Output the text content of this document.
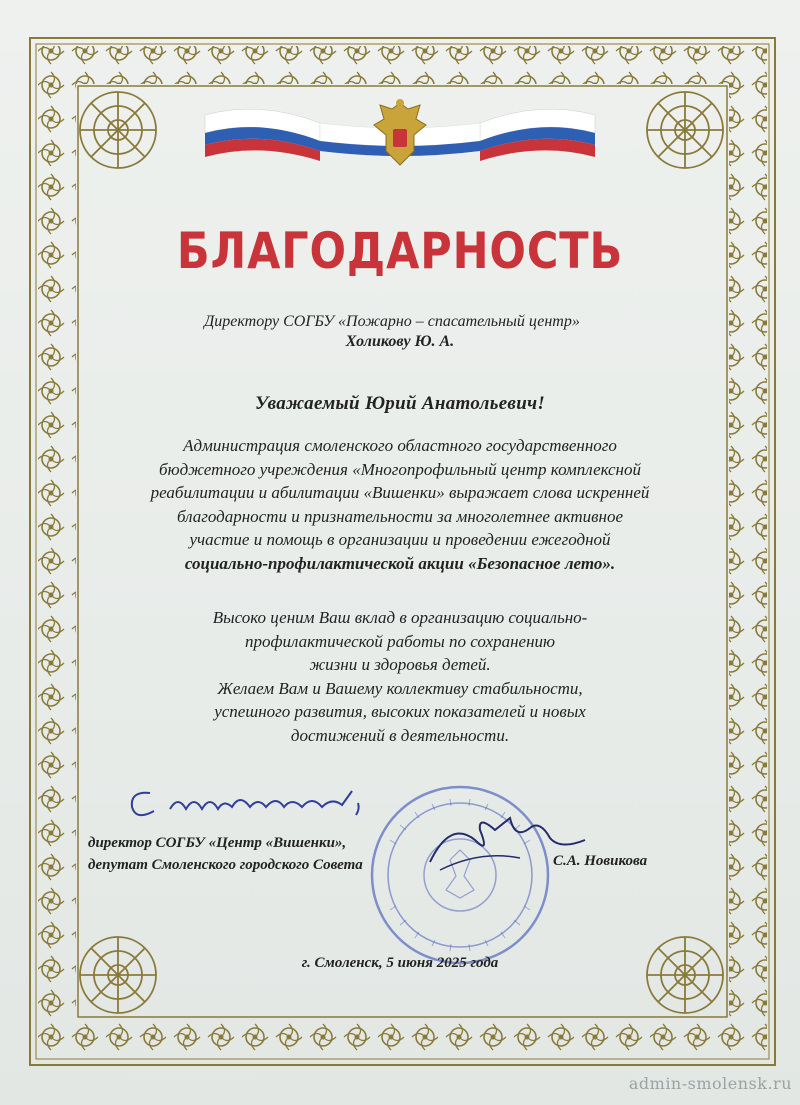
БЛАГОДАРНОСТЬ
Директору СОГБУ «Пожарно – спасательный центр»
Холикову Ю. А.
Уважаемый Юрий Анатольевич!
Администрация смоленского областного государственного
бюджетного учреждения «Многопрофильный центр комплексной
реабилитации и абилитации «Вишенки» выражает слова искренней
благодарности и признательности за многолетнее активное
участие и помощь в организации и проведении ежегодной
социально-профилактической акции «Безопасное лето».
Высоко ценим Ваш вклад в организацию социально-
профилактической работы по сохранению
жизни и здоровья детей.
Желаем Вам и Вашему коллективу стабильности,
успешного развития, высоких показателей и новых
достижений в деятельности.
директор СОГБУ «Центр «Вишенки»,
депутат Смоленского городского Совета	С.А. Новикова
г. Смоленск, 5 июня 2025 года
admin-smolensk.ru
